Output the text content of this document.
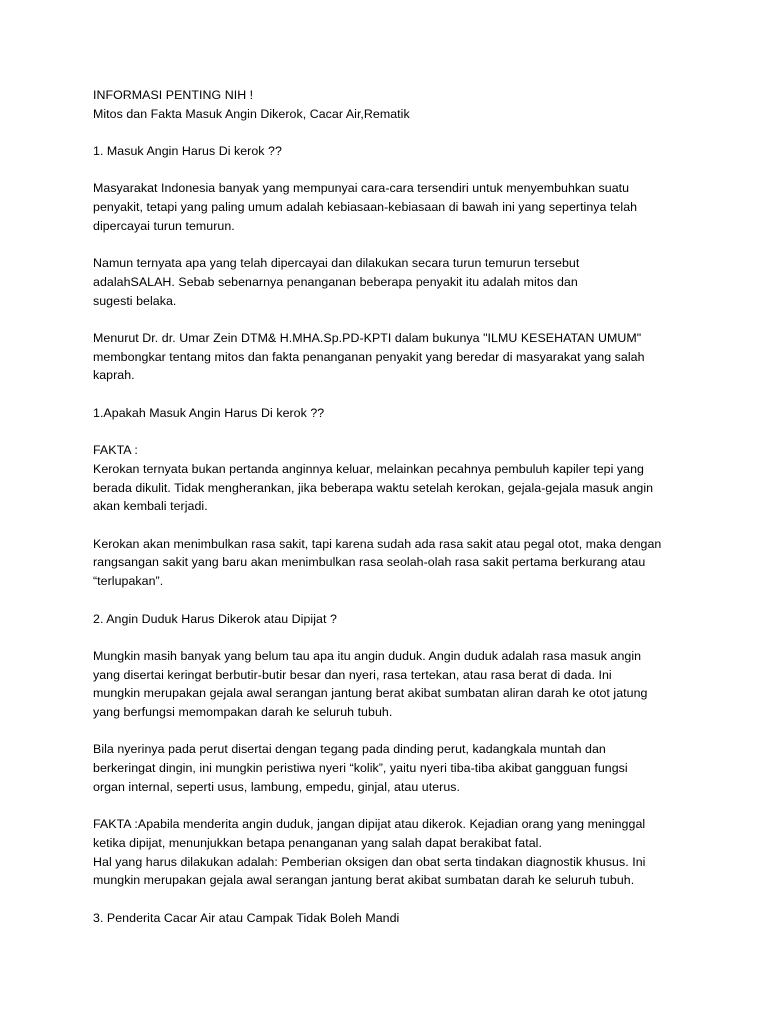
INFORMASI PENTING NIH !

Mitos dan Fakta Masuk Angin Dikerok, Cacar Air,Rematik

1. Masuk Angin Harus Di kerok ??

Masyarakat Indonesia banyak yang mempunyai cara-cara tersendiri untuk menyembuhkan suatu

penyakit, tetapi yang paling umum adalah kebiasaan-kebiasaan di bawah ini yang sepertinya telah

dipercayai turun temurun.

Namun ternyata apa yang telah dipercayai dan dilakukan secara turun temurun tersebut

adalahSALAH. Sebab sebenarnya penanganan beberapa penyakit itu adalah mitos dan

sugesti belaka.

Menurut Dr. dr. Umar Zein DTM& H.MHA.Sp.PD-KPTI dalam bukunya "ILMU KESEHATAN UMUM"

membongkar tentang mitos dan fakta penanganan penyakit yang beredar di masyarakat yang salah

kaprah.

1.Apakah Masuk Angin Harus Di kerok ??

FAKTA :

Kerokan ternyata bukan pertanda anginnya keluar, melainkan pecahnya pembuluh kapiler tepi yang

berada dikulit. Tidak mengherankan, jika beberapa waktu setelah kerokan, gejala-gejala masuk angin

akan kembali terjadi.

Kerokan akan menimbulkan rasa sakit, tapi karena sudah ada rasa sakit atau pegal otot, maka dengan

rangsangan sakit yang baru akan menimbulkan rasa seolah-olah rasa sakit pertama berkurang atau

“terlupakan”.

2. Angin Duduk Harus Dikerok atau Dipijat ?

Mungkin masih banyak yang belum tau apa itu angin duduk. Angin duduk adalah rasa masuk angin

yang disertai keringat berbutir-butir besar dan nyeri, rasa tertekan, atau rasa berat di dada. Ini

mungkin merupakan gejala awal serangan jantung berat akibat sumbatan aliran darah ke otot jatung

yang berfungsi memompakan darah ke seluruh tubuh.

Bila nyerinya pada perut disertai dengan tegang pada dinding perut, kadangkala muntah dan

berkeringat dingin, ini mungkin peristiwa nyeri “kolik”, yaitu nyeri tiba-tiba akibat gangguan fungsi

organ internal, seperti usus, lambung, empedu, ginjal, atau uterus.

FAKTA :Apabila menderita angin duduk, jangan dipijat atau dikerok. Kejadian orang yang meninggal

ketika dipijat, menunjukkan betapa penanganan yang salah dapat berakibat fatal.

Hal yang harus dilakukan adalah: Pemberian oksigen dan obat serta tindakan diagnostik khusus. Ini

mungkin merupakan gejala awal serangan jantung berat akibat sumbatan darah ke seluruh tubuh.

3. Penderita Cacar Air atau Campak Tidak Boleh Mandi
